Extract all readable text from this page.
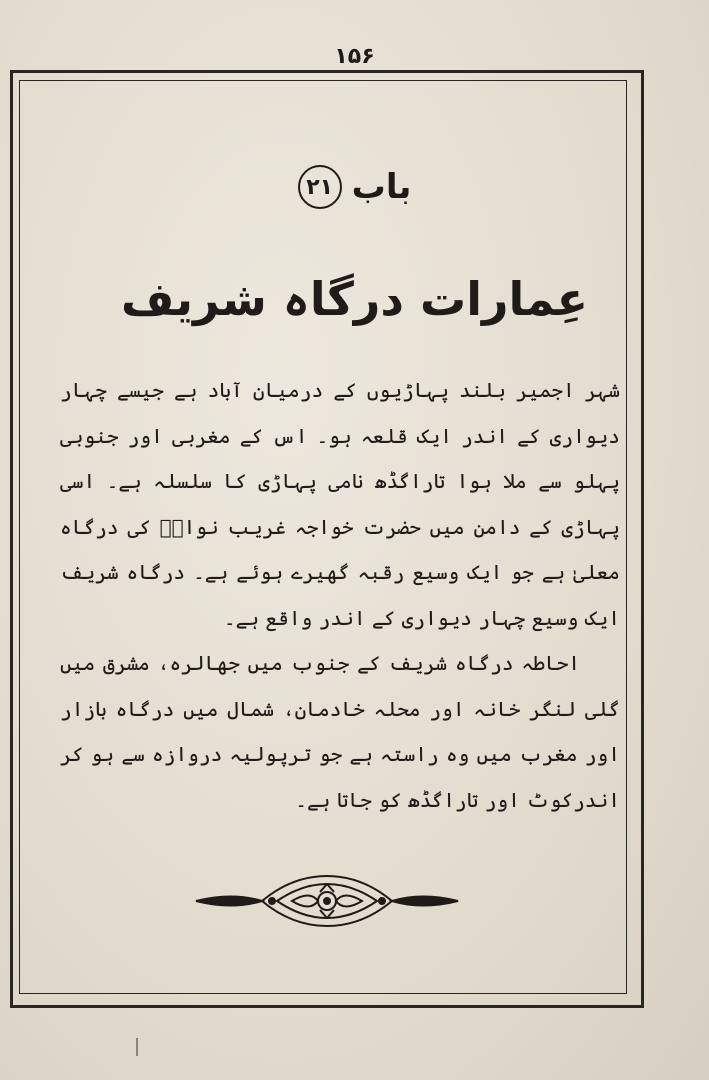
۱۵۶
باب
۲۱
عِمارات درگاہ شریف

شہر اجمیر بلند پہاڑیوں کے درمیان آباد ہے جیسے چہار دیواری کے اندر ایک قلعہ ہو۔ اس کے مغربی اور جنوبی پہلو سے ملا ہوا تاراگڈھ نامی پہاڑی کا سلسلہ ہے۔ اسی پہاڑی کے دامن میں حضرت خواجہ غریب نوازؒ کی درگاہ معلیٰ ہے جو ایک وسیع رقبہ گھیرے ہوئے ہے۔ درگاہ شریف ایک وسیع چہار دیواری کے اندر واقع ہے۔

احاطہ درگاہ شریف کے جنوب میں جھالرہ، مشرق میں گلی لنگر خانہ اور محلہ خادمان، شمال میں درگاہ بازار اور مغرب میں وہ راستہ ہے جو ترپولیہ دروازہ سے ہو کر اندرکوٹ اور تاراگڈھ کو جاتا ہے۔
